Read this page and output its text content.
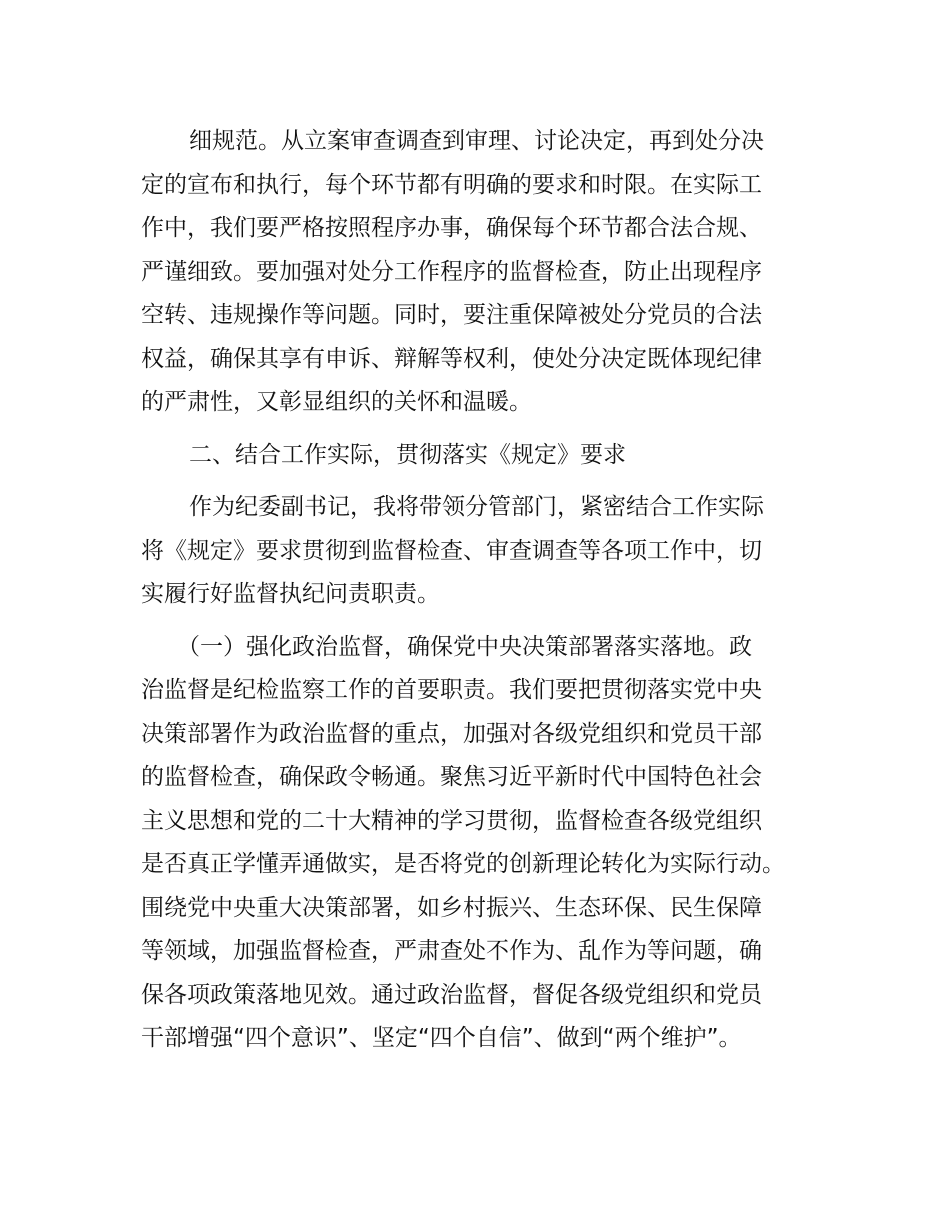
细规范。从立案审查调查到审理、讨论决定，再到处分决
定的宣布和执行，每个环节都有明确的要求和时限。在实际工
作中，我们要严格按照程序办事，确保每个环节都合法合规、
严谨细致。要加强对处分工作程序的监督检查，防止出现程序
空转、违规操作等问题。同时，要注重保障被处分党员的合法
权益，确保其享有申诉、辩解等权利，使处分决定既体现纪律
的严肃性，又彰显组织的关怀和温暖。
二、结合工作实际，贯彻落实《规定》要求
作为纪委副书记，我将带领分管部门，紧密结合工作实际
将《规定》要求贯彻到监督检查、审查调查等各项工作中，切
实履行好监督执纪问责职责。
（一）强化政治监督，确保党中央决策部署落实落地。政
治监督是纪检监察工作的首要职责。我们要把贯彻落实党中央
决策部署作为政治监督的重点，加强对各级党组织和党员干部
的监督检查，确保政令畅通。聚焦习近平新时代中国特色社会
主义思想和党的二十大精神的学习贯彻，监督检查各级党组织
是否真正学懂弄通做实，是否将党的创新理论转化为实际行动。
围绕党中央重大决策部署，如乡村振兴、生态环保、民生保障
等领域，加强监督检查，严肃查处不作为、乱作为等问题，确
保各项政策落地见效。通过政治监督，督促各级党组织和党员
干部增强“四个意识”、坚定“四个自信”、做到“两个维护”。
